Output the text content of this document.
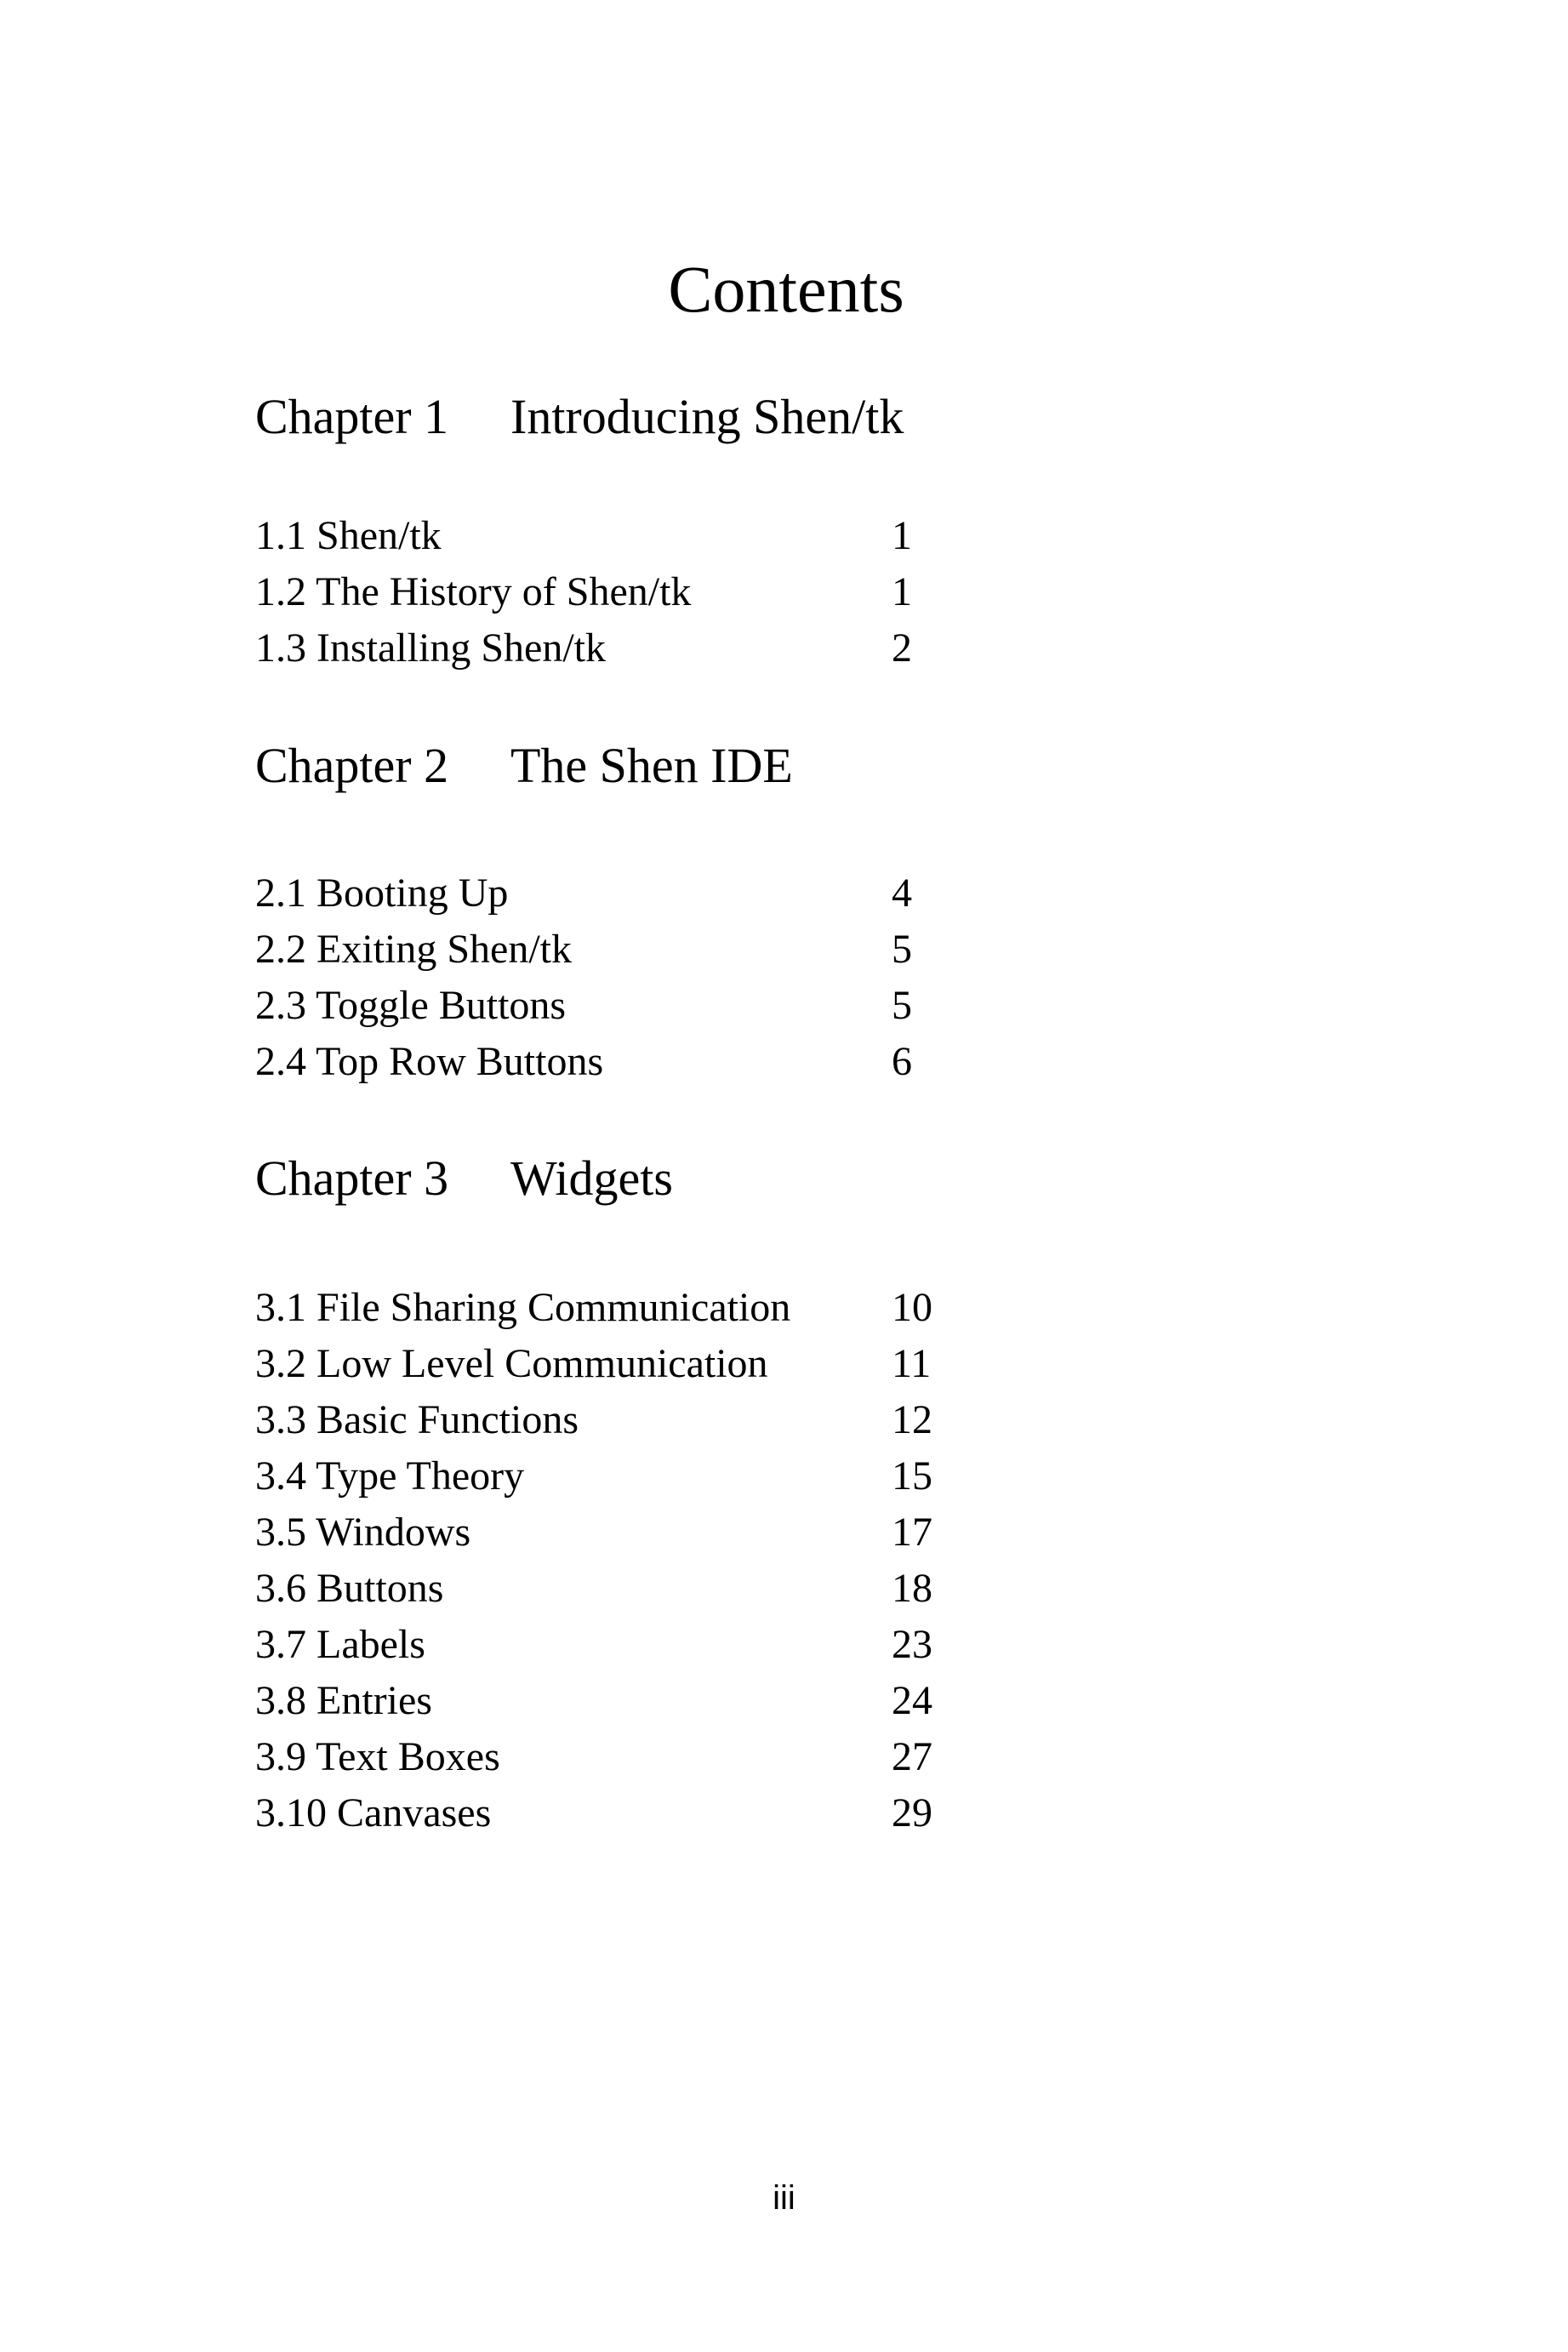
Contents
Chapter 1 Introducing Shen/tk
1.1 Shen/tk	1
1.2 The History of Shen/tk	1
1.3 Installing Shen/tk	2
Chapter 2 The Shen IDE
2.1 Booting Up	4
2.2 Exiting Shen/tk	5
2.3 Toggle Buttons	5
2.4 Top Row Buttons	6
Chapter 3 Widgets
3.1 File Sharing Communication 10
3.2 Low Level Communication	11
3.3 Basic Functions	12
3.4 Type Theory	15
3.5 Windows	17
3.6 Buttons	18
3.7 Labels	23
3.8 Entries	24
3.9 Text Boxes	27
3.10 Canvases	29
iii
